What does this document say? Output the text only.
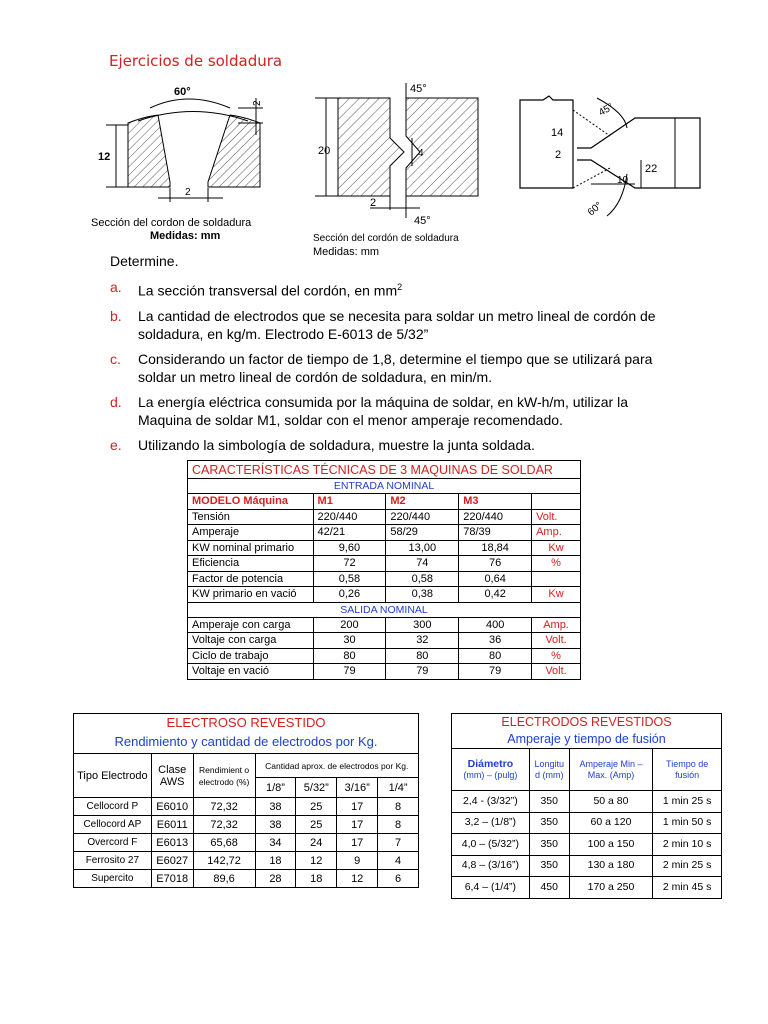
Ejercicios de soldadura
60°
2
12
2
Sección del cordon de soldadura
Medidas: mm
45°
20	4
2
45°
Sección del cordón de soldadura
Medidas: mm
45°
14
2
22
10
60°
Determine.
a.	La sección transversal del cordón, en $mm^2$
b.	La cantidad de electrodos que se necesita para soldar un metro lineal de cordón de soldadura, en kg/m. Electrodo E-6013 de 5/32”
c.	Considerando un factor de tiempo de 1,8, determine el tiempo que se utilizará para soldar un metro lineal de cordón de soldadura, en min/m.
d.	La energía eléctrica consumida por la máquina de soldar, en kW-h/m, utilizar la Maquina de soldar M1, soldar con el menor amperaje recomendado.
e.	Utilizando la simbología de soldadura, muestre la junta soldada.
CARACTERÍSTICAS TÉCNICAS DE 3 MAQUINAS DE SOLDAR				
ENTRADA NOMINAL				
MODELO Máquina	M1	M2	M3	
Tensión	220/440	220/440	220/440	Volt.
Amperaje	42/21	58/29	78/39	Amp.
KW nominal primario	9,60	13,00	18,84	Kw
Eficiencia	72	74	76	%
Factor de potencia	0,58	0,58	0,64	
KW primario en vació	0,26	0,38	0,42	Kw
SALIDA NOMINAL				
Amperaje con carga	200	300	400	Amp.
Voltaje con carga	30	32	36	Volt.
Ciclo de trabajo	80	80	80	%
Voltaje en vació	79	79	79	Volt.
ELECTROSO REVESTIDO						
Rendimiento y cantidad de electrodos por Kg.						
Tipo Electrodo	Clase AWS	Rendimient o electrodo (%)	Cantidad aprox. de electrodos por Kg.			
			1/8”	5/32”	3/16”	1/4”
Cellocord P	E6010	72,32	38	25	17	8
Cellocord AP	E6011	72,32	38	25	17	8
Overcord F	E6013	65,68	34	24	17	7
Ferrosito 27	E6027	142,72	18	12	9	4
Supercito	E7018	89,6	28	18	12	6
ELECTRODOS REVESTIDOS			
Amperaje y tiempo de fusión			

Diámetro
(mm) – (pulg)	Longitu d (mm)	Amperaje Min – Max. (Amp)	Tiempo de fusión
2,4 - (3/32”)	350	50 a 80	1 min 25 s
3,2 – (1/8”)	350	60 a 120	1 min 50 s
4,0 – (5/32”)	350	100 a 150	2 min 10 s
4,8 – (3/16”)	350	130 a 180	2 min 25 s
6,4 – (1/4”)	450	170 a 250	2 min 45 s
